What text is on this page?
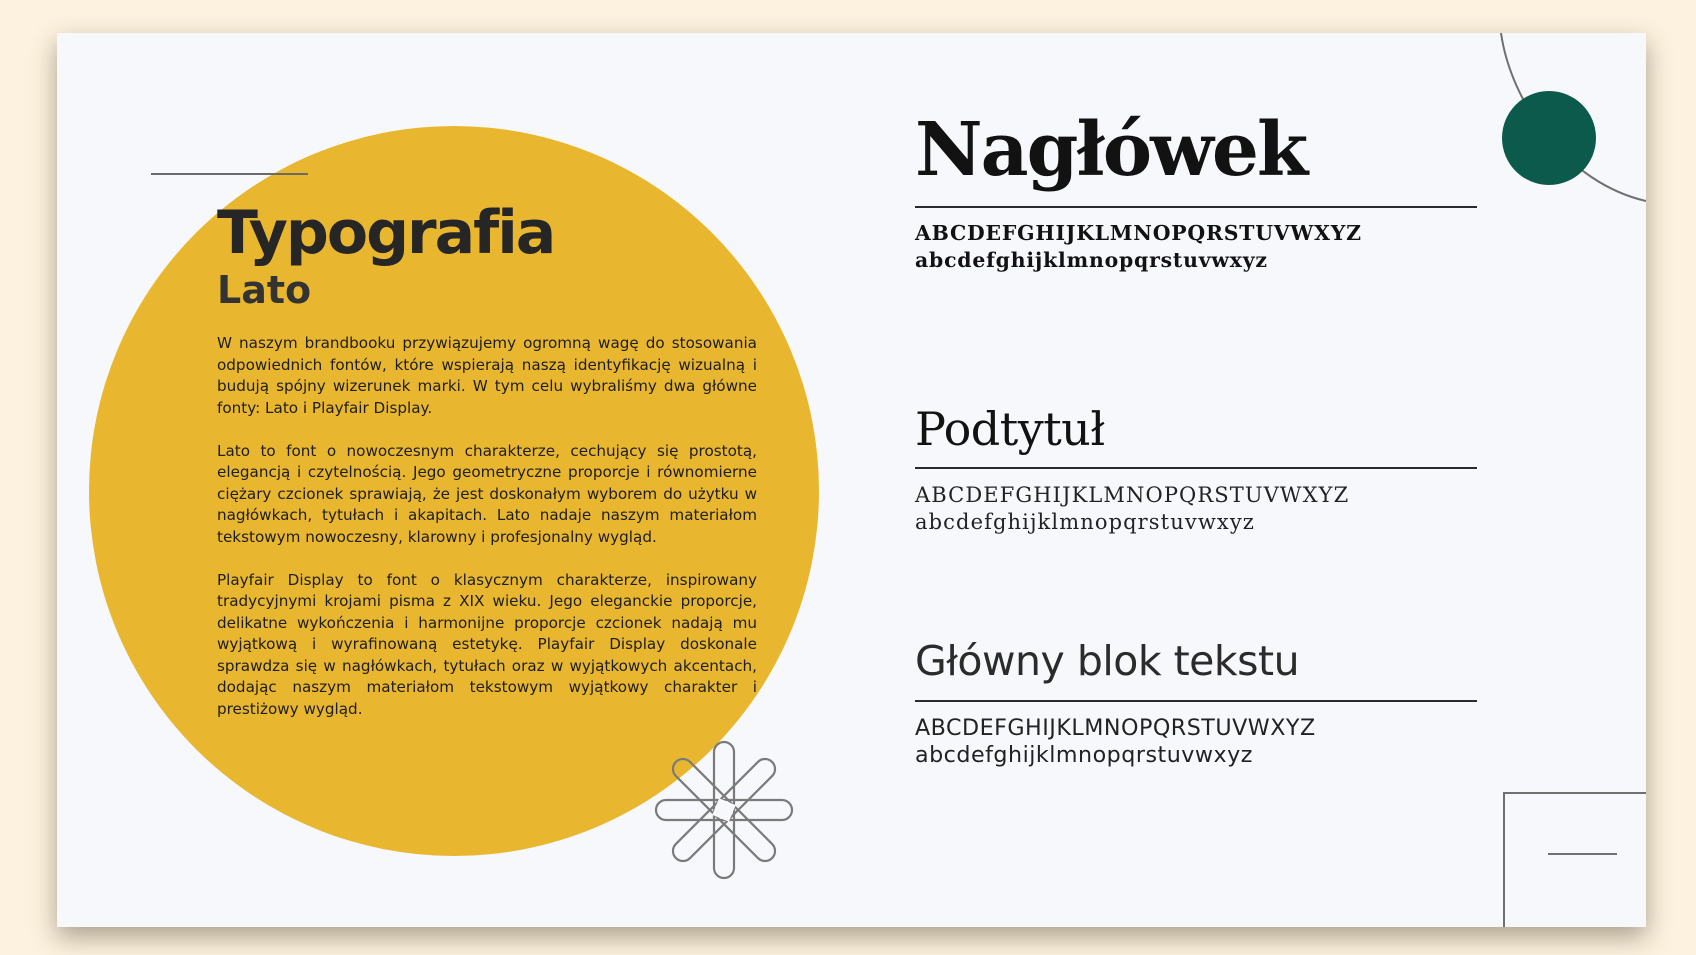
Typografia
Lato

W naszym brandbooku przywiązujemy ogromną wagę do stosowania odpowiednich fontów, które wspierają naszą identyfikację wizualną i budują spójny wizerunek marki. W tym celu wybraliśmy dwa główne fonty: Lato i Playfair Display.

Lato to font o nowoczesnym charakterze, cechujący się prostotą, elegancją i czytelnością. Jego geometryczne proporcje i równomierne ciężary czcionek sprawiają, że jest doskonałym wyborem do użytku w nagłówkach, tytułach i akapitach. Lato nadaje naszym materiałom tekstowym nowoczesny, klarowny i profesjonalny wygląd.

Playfair Display to font o klasycznym charakterze, inspirowany tradycyjnymi krojami pisma z XIX wieku. Jego eleganckie proporcje, delikatne wykończenia i harmonijne proporcje czcionek nadają mu wyjątkową i wyrafinowaną estetykę. Playfair Display doskonale sprawdza się w nagłówkach, tytułach oraz w wyjątkowych akcentach, dodając naszym materiałom tekstowym wyjątkowy charakter i prestiżowy wygląd.

Nagłówek
ABCDEFGHIJKLMNOPQRSTUVWXYZ
abcdefghijklmnopqrstuvwxyz
Podtytuł
ABCDEFGHIJKLMNOPQRSTUVWXYZ
abcdefghijklmnopqrstuvwxyz
Główny blok tekstu
ABCDEFGHIJKLMNOPQRSTUVWXYZ
abcdefghijklmnopqrstuvwxyz
